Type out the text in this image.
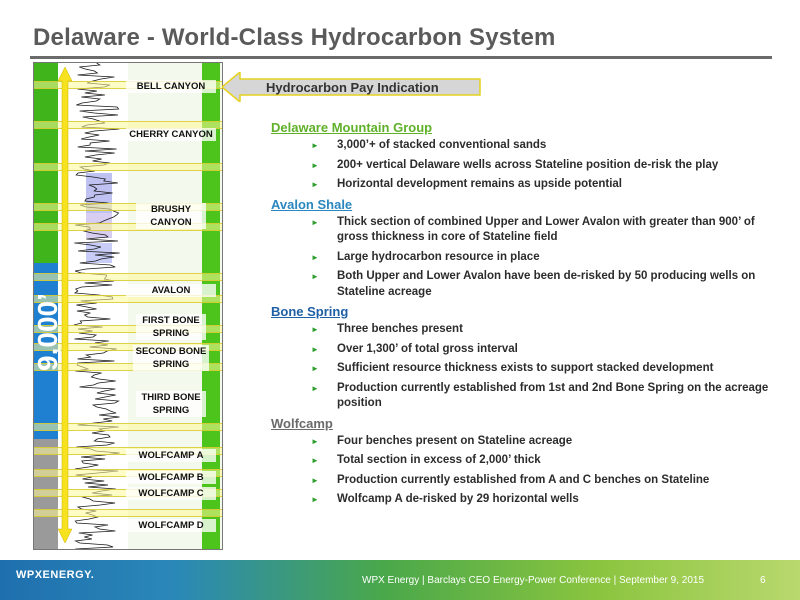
Delaware - World-Class Hydrocarbon System
BELL CANYON
CHERRY CANYON
BRUSHY CANYON
AVALON
FIRST BONE SPRING
SECOND BONE SPRING
THIRD BONE SPRING
WOLFCAMP A
WOLFCAMP B
WOLFCAMP C
WOLFCAMP D
9,000’
Hydrocarbon Pay Indication
Delaware Mountain Group
► 3,000’+ of stacked conventional sands
► 200+ vertical Delaware wells across Stateline position de-risk the play
► Horizontal development remains as upside potential
Avalon Shale
► Thick section of combined Upper and Lower Avalon with greater than 900’ of gross thickness in core of Stateline field
► Large hydrocarbon resource in place
► Both Upper and Lower Avalon have been de-risked by 50 producing wells on Stateline acreage
Bone Spring
► Three benches present
► Over 1,300’ of total gross interval
► Sufficient resource thickness exists to support stacked development
► Production currently established from 1st and 2nd Bone Spring on the acreage position
Wolfcamp
► Four benches present on Stateline acreage
► Total section in excess of 2,000’ thick
► Production currently established from A and C benches on Stateline
► Wolfcamp A de-risked by 29 horizontal wells
WPXENERGY.	WPX Energy | Barclays CEO Energy-Power Conference | September 9, 2015	6
